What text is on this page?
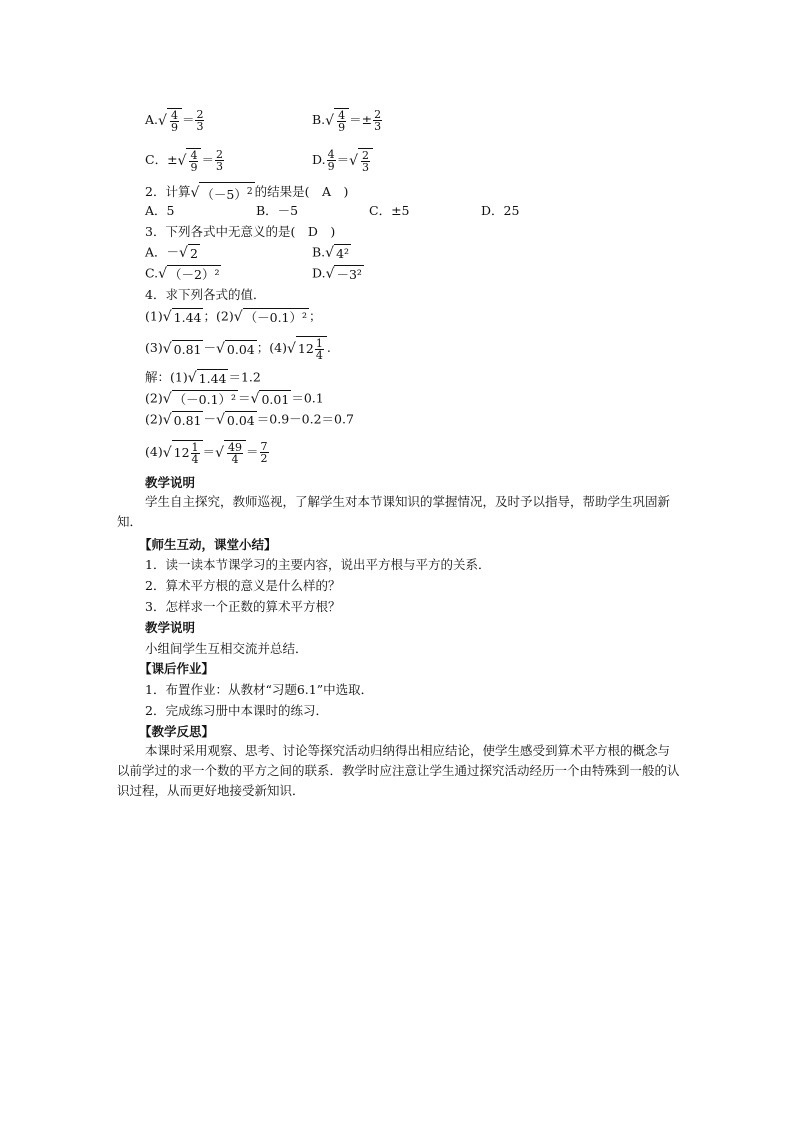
$A.√ \frac{4}{9} = \frac{2}{3}$	$B.√ \frac{4}{9} =\pm \frac{2}{3}$
C．±√ $\frac{4}{9} = \frac{2}{3}$	D. $\frac{4}{9}$ ＝√ $\frac{2}{3}$
2．计算√ $(-5)^2$ 的结果是(　A　)
A．5	B．－5	C．±5	D．25
3．下列各式中无意义的是(　D　)
A．－√ 2	B.√ 4²
C.√ （－2）²	D.√ －3²
4．求下列各式的值．
(1)√ 1.44 ；(2)√ （－0.1）² ；
(3)√ 0.81 －√ 0.04 ；(4)√ $12 \frac{1}{4}$ .
解：(1)√ 1.44 ＝1.2
(2)√ （－0.1）² ＝√ 0.01 ＝0.1
(2)√ 0.81 －√ 0.04 ＝0.9－0.2＝0.7
(4)√ $12 \frac{1}{4}$ ＝√ $\frac{49}{4} = \frac{7}{2}$
教学说明
学生自主探究，教师巡视，了解学生对本节课知识的掌握情况，及时予以指导，帮助学生巩固新知．
【师生互动，课堂小结】
1．读一读本节课学习的主要内容，说出平方根与平方的关系．
2．算术平方根的意义是什么样的？
3．怎样求一个正数的算术平方根？
教学说明
小组间学生互相交流并总结．
【课后作业】
1．布置作业：从教材“习题6.1”中选取．
2．完成练习册中本课时的练习．
【教学反思】
本课时采用观察、思考、讨论等探究活动归纳得出相应结论，使学生感受到算术平方根的概念与以前学过的求一个数的平方之间的联系．教学时应注意让学生通过探究活动经历一个由特殊到一般的认识过程，从而更好地接受新知识．
